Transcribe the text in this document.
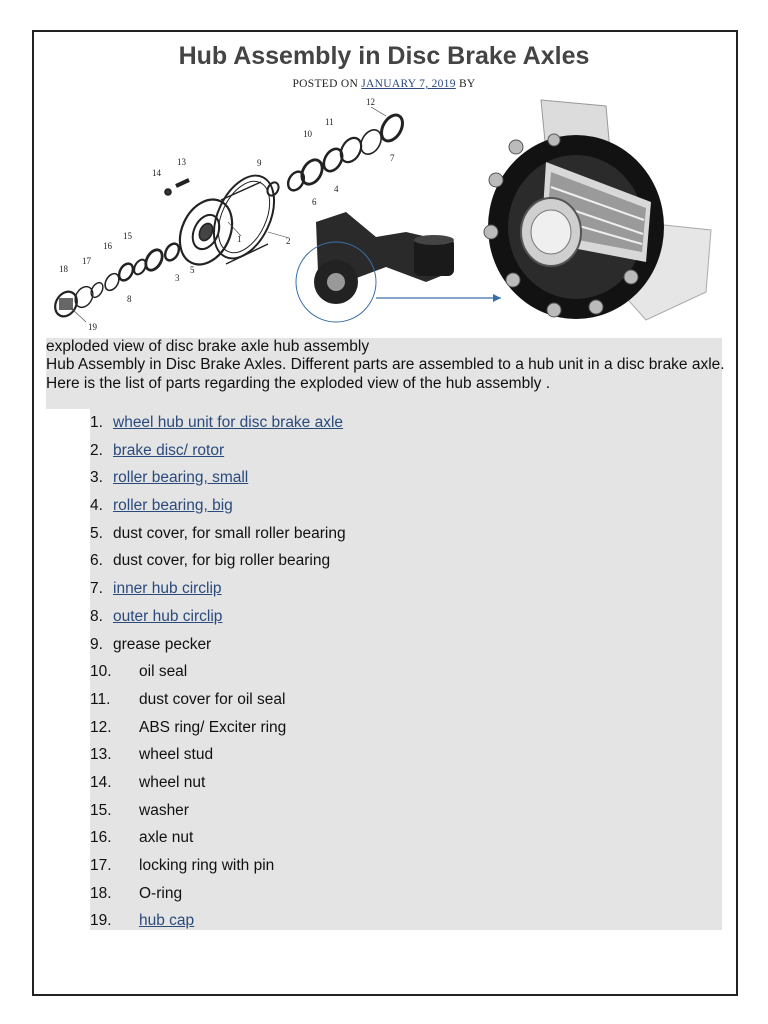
Hub Assembly in Disc Brake Axles
POSTED ON JANUARY 7, 2019 BY
1	2
3
4
5
6
7
8
9
10
11
12
13
14
15
16
17
18
19
exploded view of disc brake axle hub assembly
Hub Assembly in Disc Brake Axles. Different parts are assembled to a hub unit in a disc brake axle. Here is the list of parts regarding the exploded view of the hub assembly .
1. wheel hub unit for disc brake axle
2. brake disc/ rotor
3. roller bearing, small
4. roller bearing, big
5. dust cover, for small roller bearing
6. dust cover, for big roller bearing
7. inner hub circlip
8. outer hub circlip
9. grease pecker
10. oil seal
11. dust cover for oil seal
12. ABS ring/ Exciter ring
13. wheel stud
14. wheel nut
15. washer
16. axle nut
17. locking ring with pin
18. O-ring
19. hub cap
